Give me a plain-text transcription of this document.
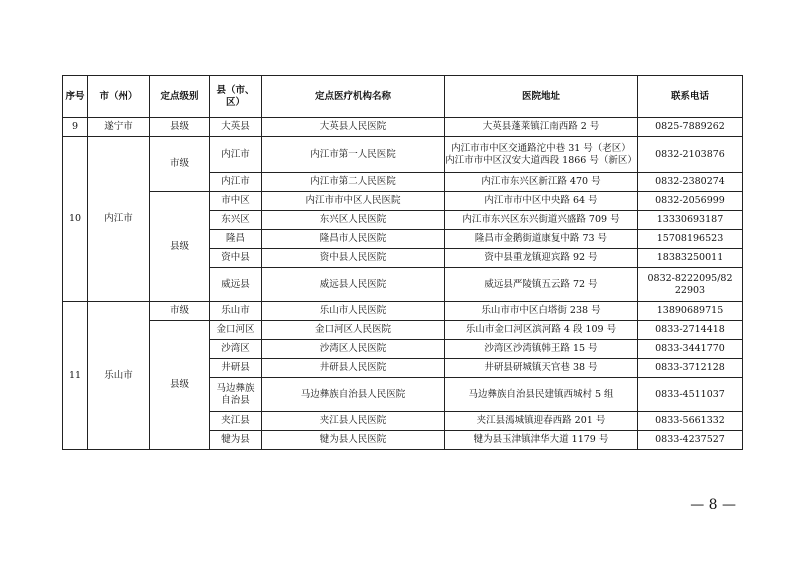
序号	市（州）	定点级别	县（市、区）	定点医疗机构名称	医院地址	联系电话
9	遂宁市	县级	大英县	大英县人民医院	大英县蓬莱镇江南西路 2 号	0825-7889262
10	内江市	市级	内江市	内江市第一人民医院	内江市市中区交通路沱中巷 31 号（老区）
内江市市中区汉安大道西段 1866 号（新区）	0832-2103876
			内江市	内江市第二人民医院	内江市东兴区新江路 470 号	0832-2380274
		县级	市中区	内江市市中区人民医院	内江市市中区中央路 64 号	0832-2056999
			东兴区	东兴区人民医院	内江市东兴区东兴街道兴盛路 709 号	13330693187
			隆昌	隆昌市人民医院	隆昌市金鹅街道康复中路 73 号	15708196523
			资中县	资中县人民医院	资中县重龙镇迎宾路 92 号	18383250011
			威远县	威远县人民医院	威远县严陵镇五云路 72 号	0832-8222095/82
22903

11	乐山市	市级	乐山市	乐山市人民医院	乐山市市中区白塔街 238 号	13890689715
		县级	金口河区	金口河区人民医院	乐山市金口河区滨河路 4 段 109 号	0833-2714418
			沙湾区	沙湾区人民医院	沙湾区沙湾镇韩王路 15 号	0833-3441770
			井研县	井研县人民医院	井研县研城镇天官巷 38 号	0833-3712128

			马边彝族
自治县	马边彝族自治县人民医院	马边彝族自治县民建镇西城村 5 组	0833-4511037
			夹江县	夹江县人民医院	夹江县漹城镇迎春西路 201 号	0833-5661332
			犍为县	犍为县人民医院	犍为县玉津镇津华大道 1179 号	0833-4237527
— 8 —
